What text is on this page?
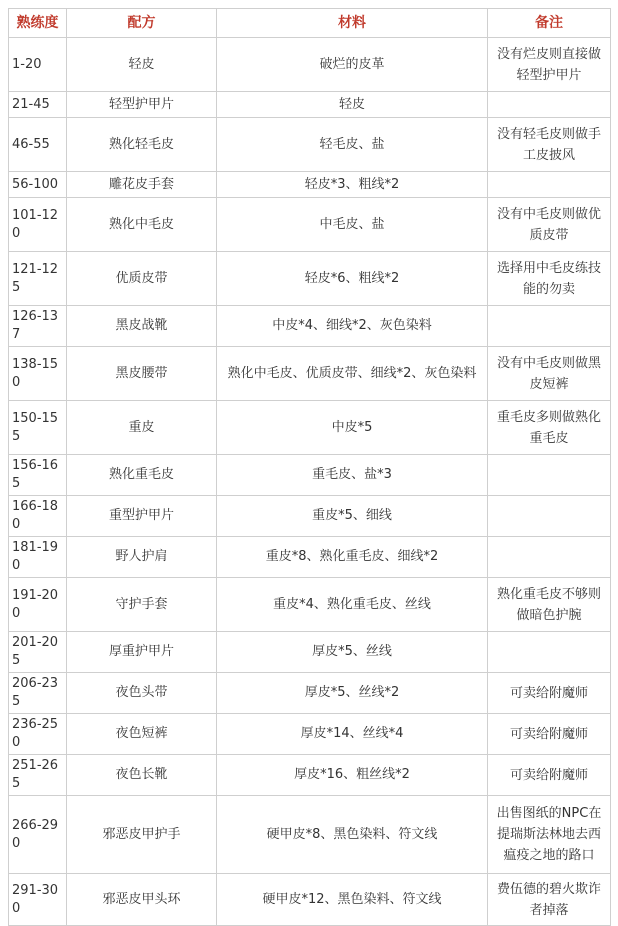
熟练度	配方	材料	备注
1-20	轻皮	破烂的皮革	没有烂皮则直接做轻型护甲片
21-45	轻型护甲片	轻皮	
46-55	熟化轻毛皮	轻毛皮、盐	没有轻毛皮则做手工皮披风
56-100	雕花皮手套	轻皮*3、粗线*2	
101-120	熟化中毛皮	中毛皮、盐	没有中毛皮则做优质皮带
121-125	优质皮带	轻皮*6、粗线*2	选择用中毛皮练技能的勿卖
126-137	黑皮战靴	中皮*4、细线*2、灰色染料	
138-150	黑皮腰带	熟化中毛皮、优质皮带、细线*2、灰色染料	没有中毛皮则做黑皮短裤
150-155	重皮	中皮*5	重毛皮多则做熟化重毛皮
156-165	熟化重毛皮	重毛皮、盐*3	
166-180	重型护甲片	重皮*5、细线	
181-190	野人护肩	重皮*8、熟化重毛皮、细线*2	
191-200	守护手套	重皮*4、熟化重毛皮、丝线	熟化重毛皮不够则做暗色护腕
201-205	厚重护甲片	厚皮*5、丝线	
206-235	夜色头带	厚皮*5、丝线*2	可卖给附魔师
236-250	夜色短裤	厚皮*14、丝线*4	可卖给附魔师
251-265	夜色长靴	厚皮*16、粗丝线*2	可卖给附魔师
266-290	邪恶皮甲护手	硬甲皮*8、黑色染料、符文线	出售图纸的NPC在提瑞斯法林地去西瘟疫之地的路口
291-300	邪恶皮甲头环	硬甲皮*12、黑色染料、符文线	费伍德的碧火欺诈者掉落
